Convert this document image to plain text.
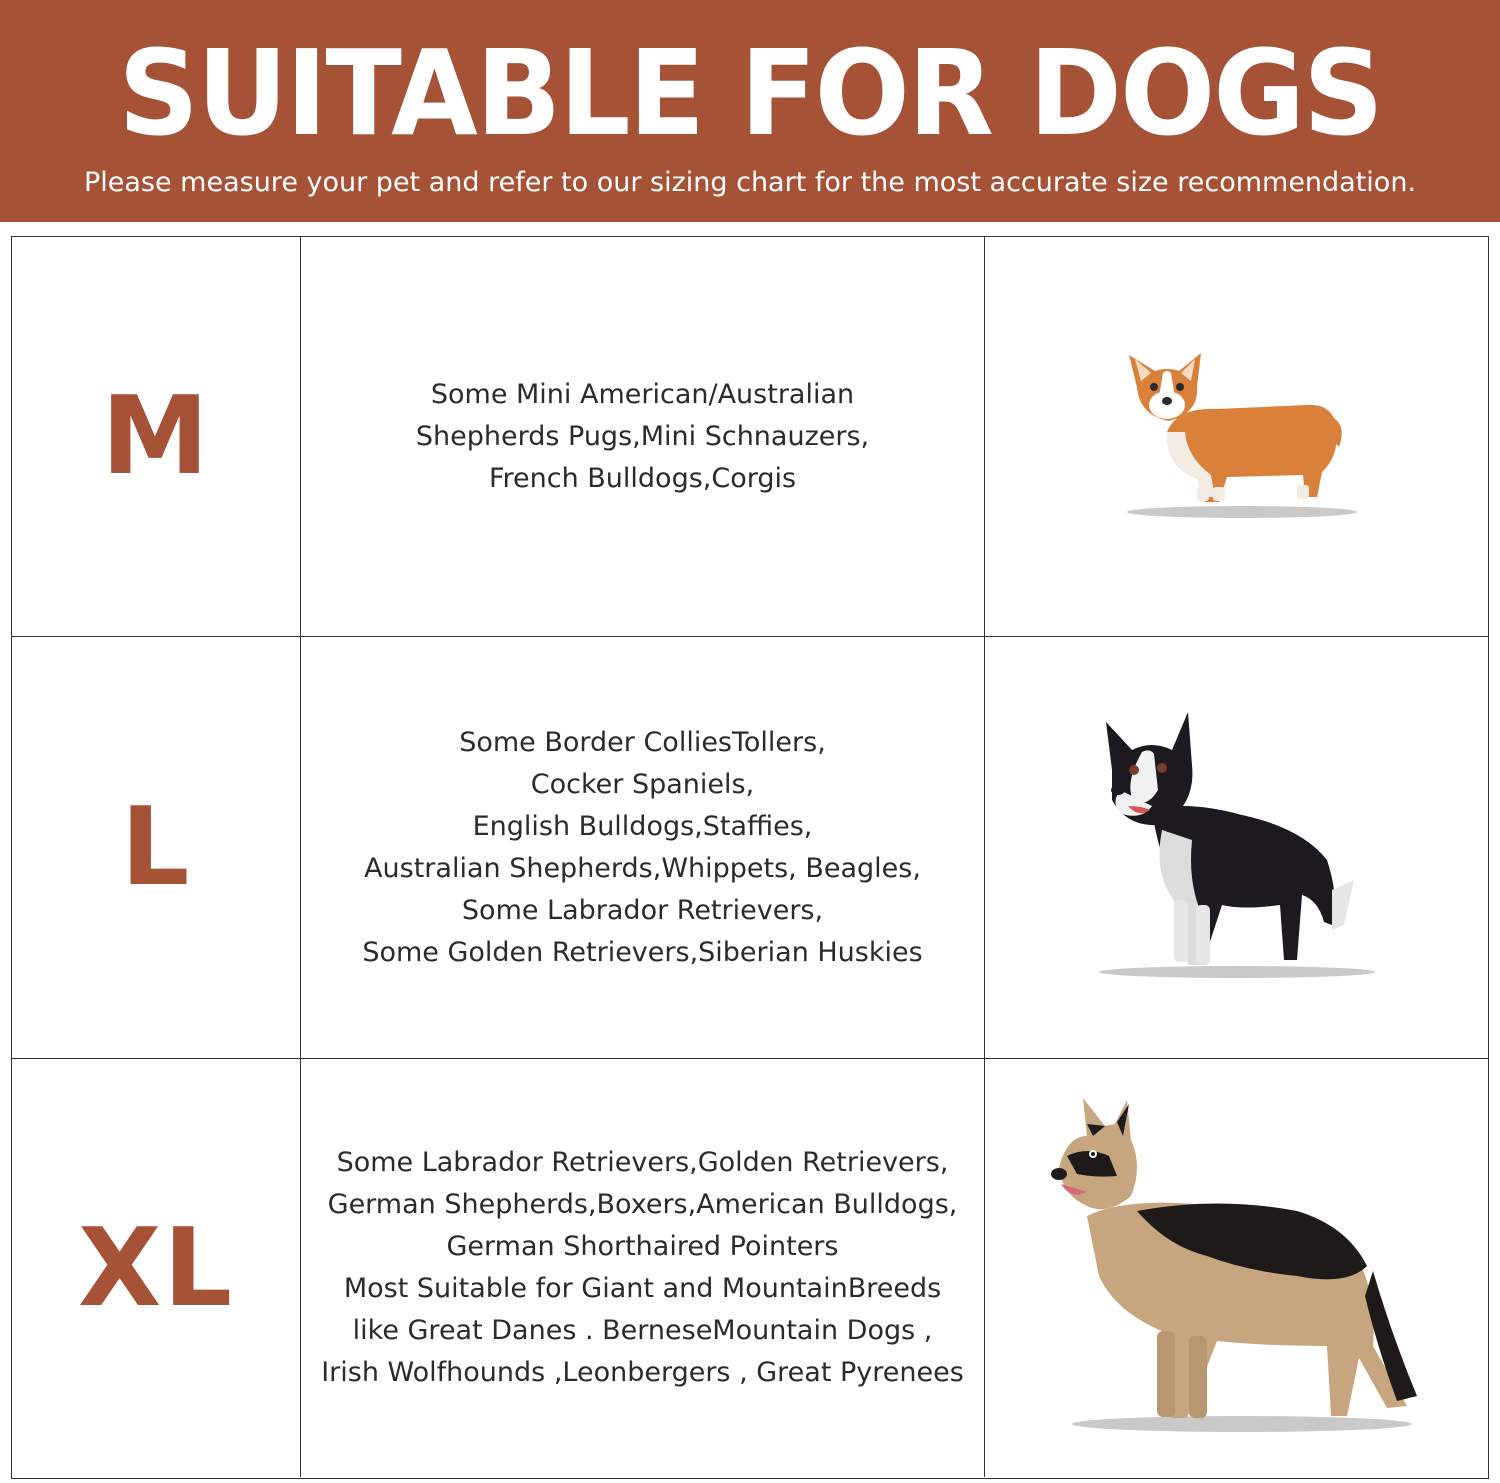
SUITABLE FOR DOGS
Please measure your pet and refer to our sizing chart for the most accurate size recommendation.
M	Some Mini American/Australian
Shepherds Pugs,Mini Schnauzers,
French Bulldogs,Corgis
L
Some Border ColliesTollers,
Cocker Spaniels,
English Bulldogs,Staffies,
Australian Shepherds,Whippets, Beagles,
Some Labrador Retrievers,
Some Golden Retrievers,Siberian Huskies
XL
Some Labrador Retrievers,Golden Retrievers,
German Shepherds,Boxers,American Bulldogs,
German Shorthaired Pointers
Most Suitable for Giant and MountainBreeds
like Great Danes . BerneseMountain Dogs ,
Irish Wolfhounds ,Leonbergers , Great Pyrenees
